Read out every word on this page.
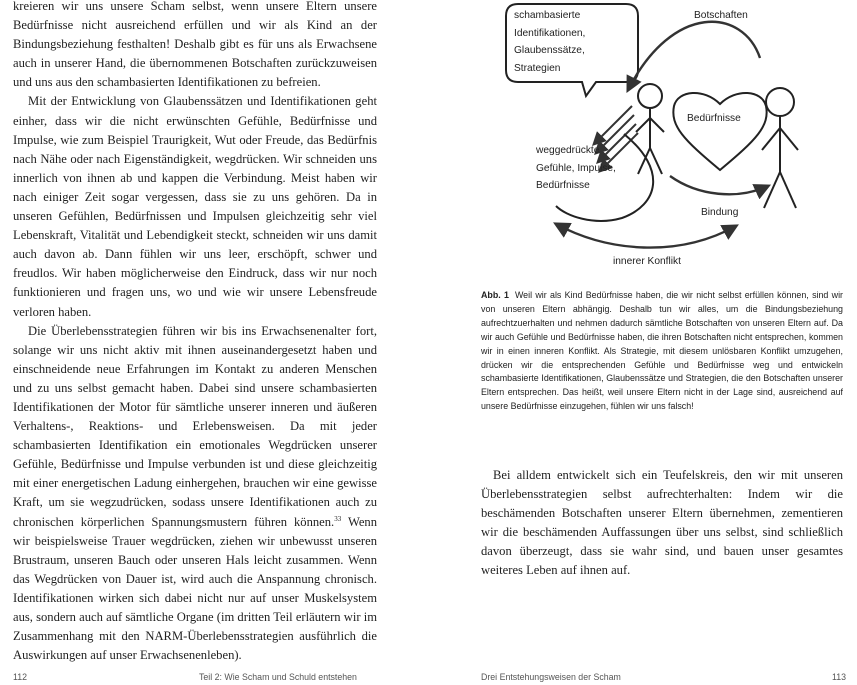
kreieren wir uns unsere Scham selbst, wenn unsere Eltern unsere Bedürfnisse nicht ausreichend erfüllen und wir als Kind an der Bindungsbeziehung festhalten! Deshalb gibt es für uns als Erwachsene auch in unserer Hand, die übernommenen Botschaften zurückzuweisen und uns aus den schambasierten Identifikationen zu befreien.

Mit der Entwicklung von Glaubenssätzen und Identifikationen geht einher, dass wir die nicht erwünschten Gefühle, Bedürfnisse und Impulse, wie zum Beispiel Traurigkeit, Wut oder Freude, das Bedürfnis nach Nähe oder nach Eigenständigkeit, wegdrücken. Wir schneiden uns innerlich von ihnen ab und kappen die Verbindung. Meist haben wir nach einiger Zeit sogar vergessen, dass sie zu uns gehören. Da in unseren Gefühlen, Bedürfnissen und Impulsen gleichzeitig sehr viel Lebenskraft, Vitalität und Lebendigkeit steckt, schneiden wir uns damit auch davon ab. Dann fühlen wir uns leer, erschöpft, schwer und freudlos. Wir haben möglicherweise den Eindruck, dass wir nur noch funktionieren und fragen uns, wo und wie wir unsere Lebensfreude verloren haben.

Die Überlebensstrategien führen wir bis ins Erwachsenenalter fort, solange wir uns nicht aktiv mit ihnen auseinandergesetzt haben und einschneidende neue Erfahrungen im Kontakt zu anderen Menschen und zu uns selbst gemacht haben. Dabei sind unsere schambasierten Identifikationen der Motor für sämtliche unserer inneren und äußeren Verhaltens-, Reaktions- und Erlebensweisen. Da mit jeder schambasierten Identifikation ein emotionales Wegdrücken unserer Gefühle, Bedürfnisse und Impulse verbunden ist und diese gleichzeitig mit einer energetischen Ladung einhergehen, brauchen wir eine gewisse Kraft, um sie wegzudrücken, sodass unsere Identifikationen auch zu chronischen körperlichen Spannungsmustern führen können.$^{33}$ Wenn wir beispielsweise Trauer wegdrücken, ziehen wir unbewusst unseren Brustraum, unseren Bauch oder unseren Hals leicht zusammen. Wenn das Wegdrücken von Dauer ist, wird auch die Anspannung chronisch. Identifikationen wirken sich dabei nicht nur auf unser Muskelsystem aus, sondern auch auf sämtliche Organe (im dritten Teil erläutern wir im Zusammenhang mit den NARM-Überlebensstrategien ausführlich die Auswirkungen auf unser Erwachsenenleben).

112	Teil 2: Wie Scham und Schuld entstehen

schambasierte Identifikationen, Glaubenssätze, Strategien

Botschaften

Bedürfnisse

weggedrückte Gefühle, Impulse, Bedürfnisse

Bindung

innerer Konflikt

Abb. 1 Weil wir als Kind Bedürfnisse haben, die wir nicht selbst erfüllen können, sind wir von unseren Eltern abhängig. Deshalb tun wir alles, um die Bindungsbeziehung aufrechtzuerhalten und nehmen dadurch sämtliche Botschaften von unseren Eltern auf. Da wir auch Gefühle und Bedürfnisse haben, die ihren Botschaften nicht entsprechen, kommen wir in einen inneren Konflikt. Als Strategie, mit diesem unlösbaren Konflikt umzugehen, drücken wir die entsprechenden Gefühle und Bedürfnisse weg und entwickeln schambasierte Identifikationen, Glaubenssätze und Strategien, die den Botschaften unserer Eltern entsprechen. Das heißt, weil unsere Eltern nicht in der Lage sind, ausreichend auf unsere Bedürfnisse einzugehen, fühlen wir uns falsch!

Bei alldem entwickelt sich ein Teufelskreis, den wir mit unseren Überlebensstrategien selbst aufrechterhalten: Indem wir die beschämenden Botschaften unserer Eltern übernehmen, zementieren wir die beschämenden Auffassungen über uns selbst, sind schließlich davon überzeugt, dass sie wahr sind, und bauen unser gesamtes weiteres Leben auf ihnen auf.

Drei Entstehungsweisen der Scham	113
